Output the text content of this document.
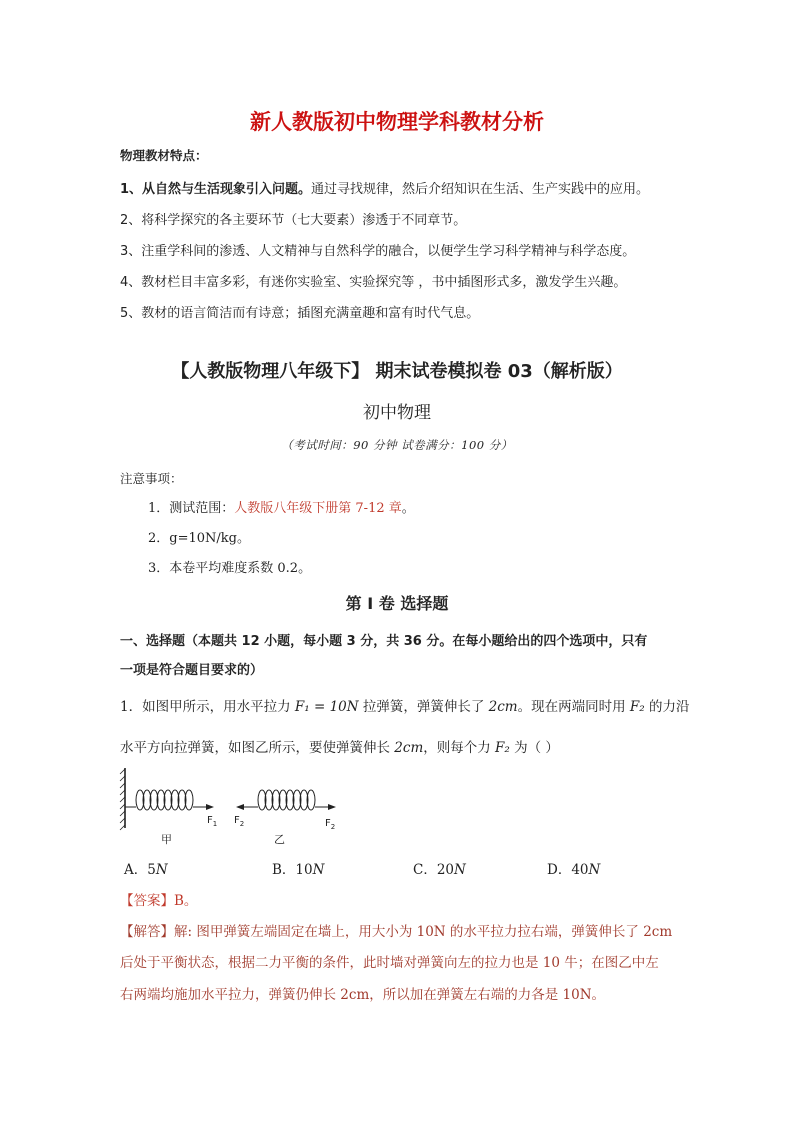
新人教版初中物理学科教材分析
物理教材特点：
1、从自然与生活现象引入问题。通过寻找规律，然后介绍知识在生活、生产实践中的应用。
2、将科学探究的各主要环节（七大要素）渗透于不同章节。
3、注重学科间的渗透、人文精神与自然科学的融合，以便学生学习科学精神与科学态度。
4、教材栏目丰富多彩，有迷你实验室、实验探究等 ，书中插图形式多，激发学生兴趣。
5、教材的语言简洁而有诗意；插图充满童趣和富有时代气息。
【人教版物理八年级下】 期末试卷模拟卷 03（解析版）
初中物理
（考试时间：90 分钟 试卷满分：100 分）
注意事项：
1．测试范围：人教版八年级下册第 7-12 章。
2．g=10N/kg。
3．本卷平均难度系数 0.2。
第 Ⅰ 卷 选择题
一、选择题（本题共 12 小题，每小题 3 分，共 36 分。在每小题给出的四个选项中，只有
一项是符合题目要求的）
1．如图甲所示，用水平拉力 F₁ = 10N 拉弹簧，弹簧伸长了 2cm。现在两端同时用 F₂ 的力沿
水平方向拉弹簧，如图乙所示，要使弹簧伸长 2cm，则每个力 F₂ 为（ ）
$F_1$
甲
$F_2$	$F_2$
乙
A．5N	B．10N	C．20N	D．40N
【答案】B。
【解答】解: 图甲弹簧左端固定在墙上，用大小为 10N 的水平拉力拉右端，弹簧伸长了 2cm
后处于平衡状态，根据二力平衡的条件，此时墙对弹簧向左的拉力也是 10 牛；在图乙中左
右两端均施加水平拉力，弹簧仍伸长 2cm，所以加在弹簧左右端的力各是 10N。
